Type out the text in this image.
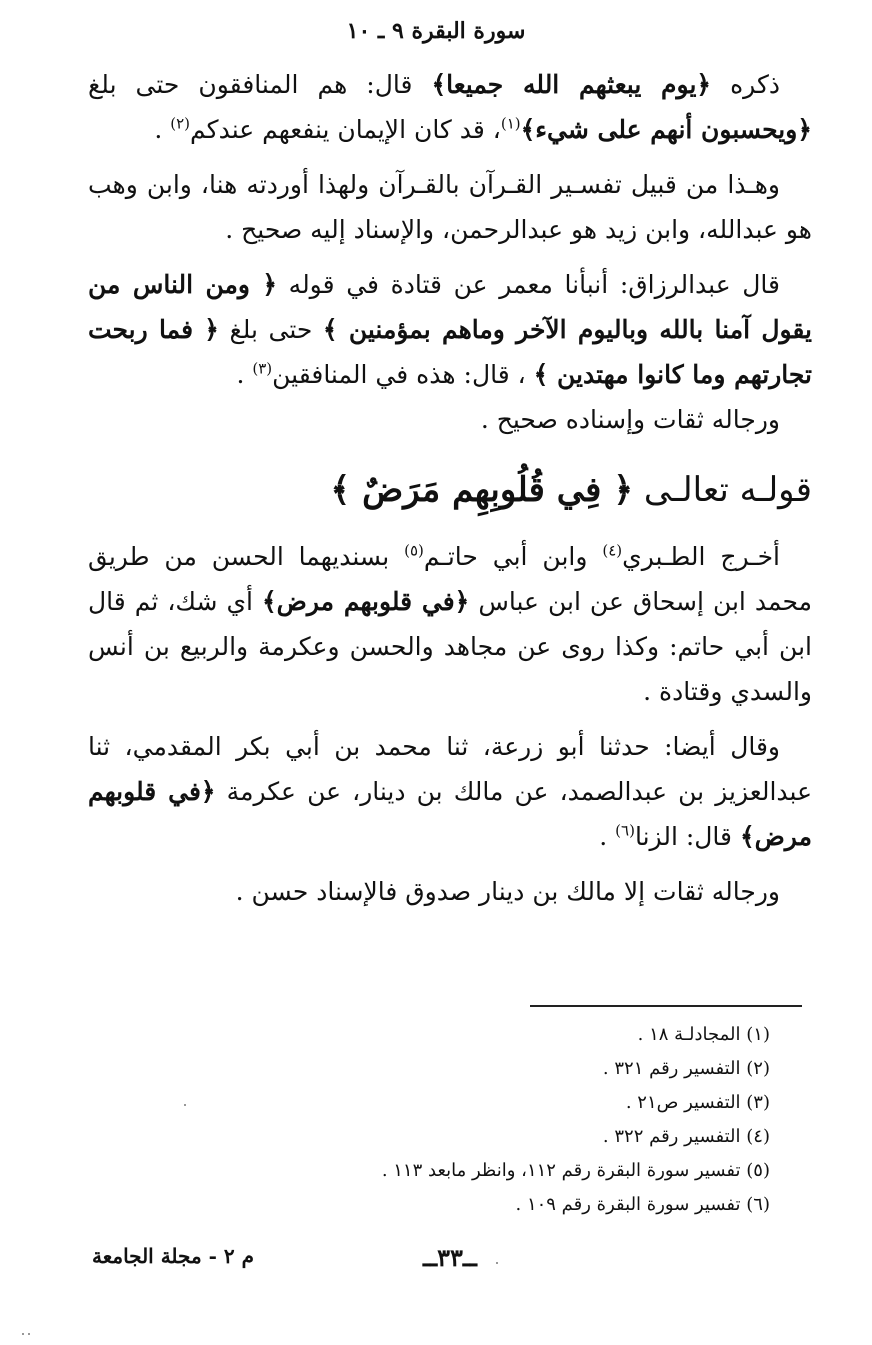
سورة البقرة ٩ ـ ١٠

ذكره ﴿يوم يبعثهم الله جميعا﴾ قال: هم المنافقون حتى بلغ ﴿ويحسبون أنهم على شيء﴾$^{(١)}$، قد كان الإيمان ينفعهم عندكم$^{(٢)}$ .

وهـذا من قبيل تفسـير القـرآن بالقـرآن ولهذا أوردته هنا، وابن وهب هو عبدالله، وابن زيد هو عبدالرحمن، والإسناد إليه صحيح .

قال عبدالرزاق: أنبأنا معمر عن قتادة في قوله ﴿ ومن الناس من يقول آمنا بالله وباليوم الآخر وماهم بمؤمنين ﴾ حتى بلغ ﴿ فما ربحت تجارتهم وما كانوا مهتدين ﴾ ، قال: هذه في المنافقين$^{(٣)}$ .

ورجاله ثقات وإسناده صحيح .

قولـه تعالـى ﴿ فِي قُلُوبِهِم مَرَضٌ ﴾

أخـرج الطـبري$^{(٤)}$ وابن أبي حاتـم$^{(٥)}$ بسنديهما الحسن من طريق محمد ابن إسحاق عن ابن عباس ﴿في قلوبهم مرض﴾ أي شك، ثم قال ابن أبي حاتم: وكذا روى عن مجاهد والحسن وعكرمة والربيع بن أنس والسدي وقتادة .

وقال أيضا: حدثنا أبو زرعة، ثنا محمد بن أبي بكر المقدمي، ثنا عبدالعزيز بن عبدالصمد، عن مالك بن دينار، عن عكرمة ﴿في قلوبهم مرض﴾ قال: الزنا$^{(٦)}$ .

ورجاله ثقات إلا مالك بن دينار صدوق فالإسناد حسن .

(١) المجادلـة ١٨ .
(٢) التفسير رقم ٣٢١ .
(٣) التفسير ص٢١ .
(٤) التفسير رقم ٣٢٢ .
(٥) تفسير سورة البقرة رقم ١١٢، وانظر مابعد ١١٣ .
(٦) تفسير سورة البقرة رقم ١٠٩ .
م ٢ - مجلة الجامعة	ــ٣٣ــ
